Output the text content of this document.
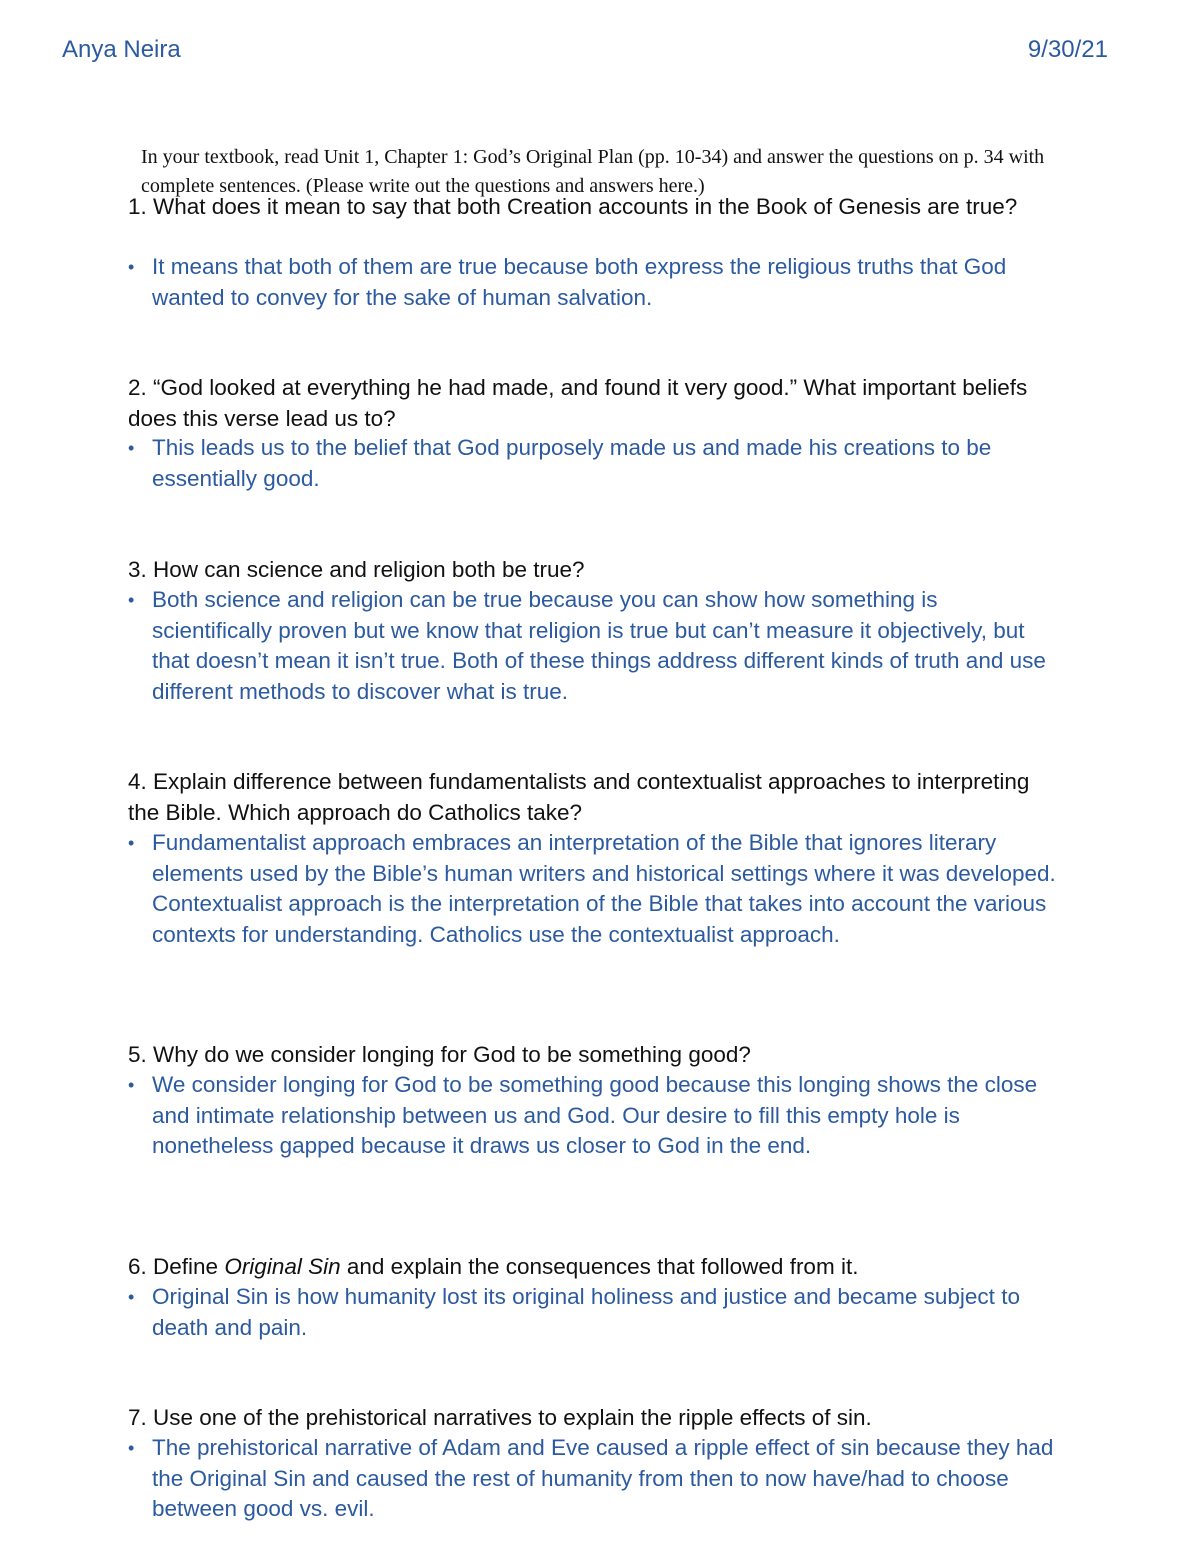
Anya Neira	9/30/21

In your textbook, read Unit 1, Chapter 1: God’s Original Plan (pp. 10-34) and answer the questions on p. 34 with complete sentences. (Please write out the questions and answers here.)

1. What does it mean to say that both Creation accounts in the Book of Genesis are true?

• It means that both of them are true because both express the religious truths that God wanted to convey for the sake of human salvation.

2. “God looked at everything he had made, and found it very good.” What important beliefs does this verse lead us to?

• This leads us to the belief that God purposely made us and made his creations to be essentially good.

3. How can science and religion both be true?

• Both science and religion can be true because you can show how something is scientifically proven but we know that religion is true but can’t measure it objectively, but that doesn’t mean it isn’t true. Both of these things address different kinds of truth and use different methods to discover what is true.

4. Explain difference between fundamentalists and contextualist approaches to interpreting the Bible. Which approach do Catholics take?

• Fundamentalist approach embraces an interpretation of the Bible that ignores literary elements used by the Bible’s human writers and historical settings where it was developed. Contextualist approach is the interpretation of the Bible that takes into account the various contexts for understanding. Catholics use the contextualist approach.

5. Why do we consider longing for God to be something good?

• We consider longing for God to be something good because this longing shows the close and intimate relationship between us and God. Our desire to fill this empty hole is nonetheless gapped because it draws us closer to God in the end.

6. Define Original Sin and explain the consequences that followed from it.

• Original Sin is how humanity lost its original holiness and justice and became subject to death and pain.

7. Use one of the prehistorical narratives to explain the ripple effects of sin.

• The prehistorical narrative of Adam and Eve caused a ripple effect of sin because they had the Original Sin and caused the rest of humanity from then to now have/had to choose between good vs. evil.
